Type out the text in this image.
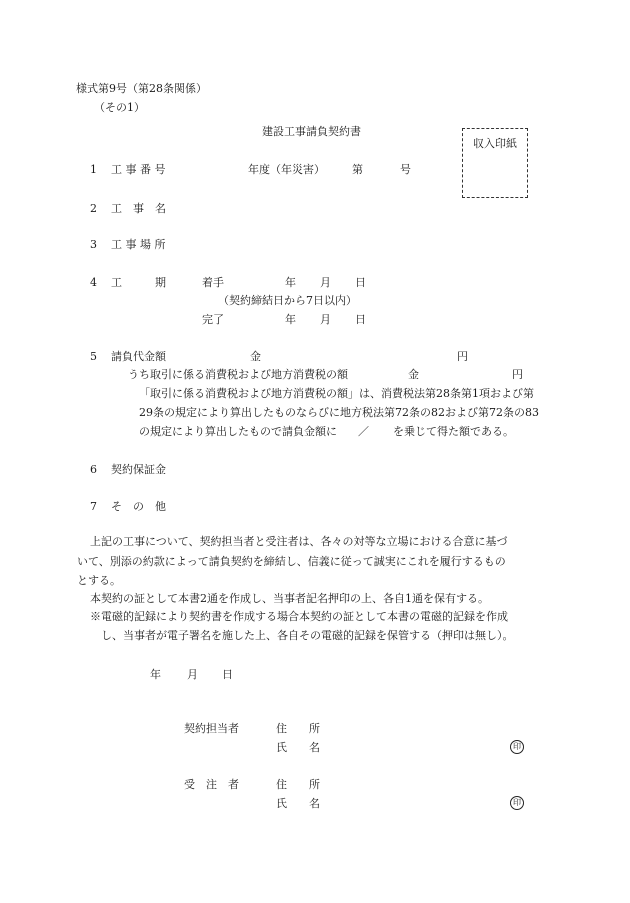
様式第9号（第28条関係）
（その1）
建設工事請負契約書
収入印紙
1 工 事 番 号	年度（年災害） 第	号
2 工　事　名
3 工 事 場 所
4 工	期	着手	年 月 日
（契約締結日から7日以内）
完了	年 月 日
5 請負代金額	金	円
うち取引に係る消費税および地方消費税の額	金	円
「取引に係る消費税および地方消費税の額」は、消費税法第28条第1項および第
29条の規定により算出したものならびに地方税法第72条の82および第72条の83
の規定により算出したもので請負金額に ／ を乗じて得た額である。
6 契約保証金
7 そ　の　他
上記の工事について、契約担当者と受注者は、各々の対等な立場における合意に基づ
いて、別添の約款によって請負契約を締結し、信義に従って誠実にこれを履行するもの
とする。
本契約の証として本書2通を作成し、当事者記名押印の上、各自1通を保有する。
※電磁的記録により契約書を作成する場合本契約の証として本書の電磁的記録を作成
し、当事者が電子署名を施した上、各自その電磁的記録を保管する（押印は無し）。
年 月 日
契約担当者	住　　所
氏　　名	印
受　注　者	住　　所
氏　　名	印
